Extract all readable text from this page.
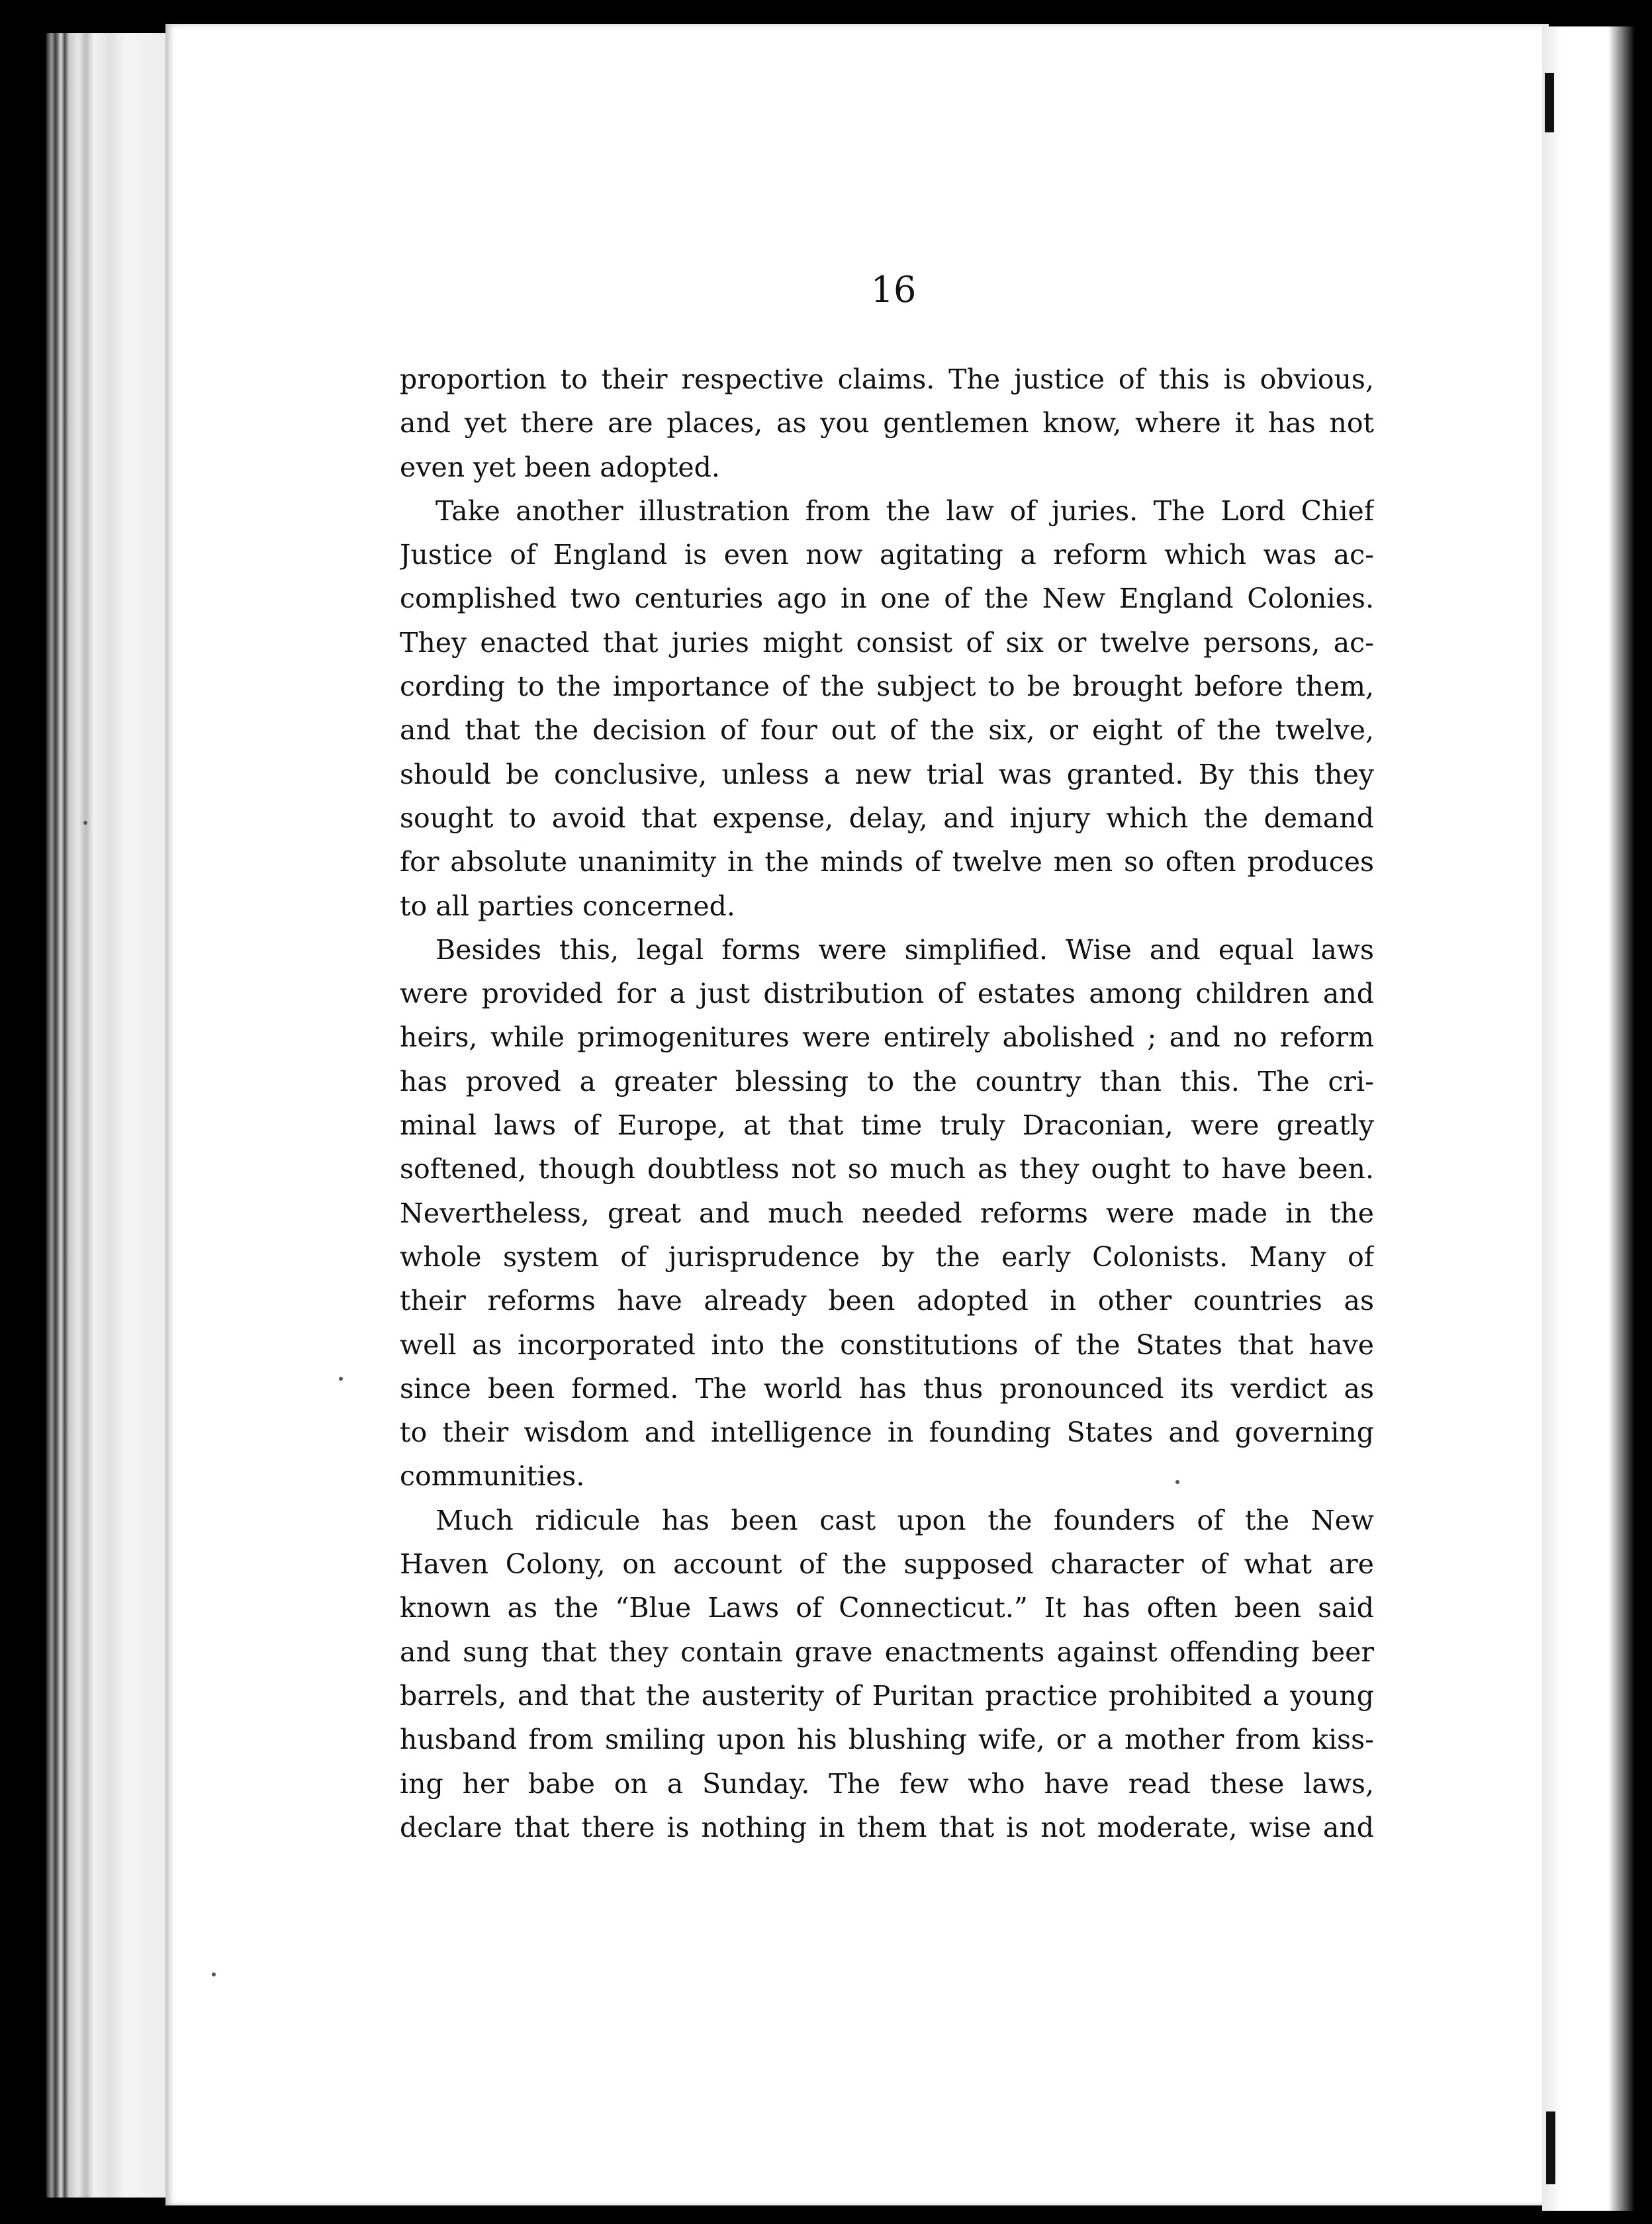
16
proportion to their respective claims. The justice of this is obvious,
and yet there are places, as you gentlemen know, where it has not
even yet been adopted.
Take another illustration from the law of juries. The Lord Chief
Justice of England is even now agitating a reform which was ac-
complished two centuries ago in one of the New England Colonies.
They enacted that juries might consist of six or twelve persons, ac-
cording to the importance of the subject to be brought before them,
and that the decision of four out of the six, or eight of the twelve,
should be conclusive, unless a new trial was granted. By this they
sought to avoid that expense, delay, and injury which the demand
for absolute unanimity in the minds of twelve men so often produces
to all parties concerned.
Besides this, legal forms were simplified. Wise and equal laws
were provided for a just distribution of estates among children and
heirs, while primogenitures were entirely abolished ; and no reform
has proved a greater blessing to the country than this. The cri-
minal laws of Europe, at that time truly Draconian, were greatly
softened, though doubtless not so much as they ought to have been.
Nevertheless, great and much needed reforms were made in the
whole system of jurisprudence by the early Colonists. Many of
their reforms have already been adopted in other countries as
well as incorporated into the constitutions of the States that have
since been formed. The world has thus pronounced its verdict as
to their wisdom and intelligence in founding States and governing
communities.
Much ridicule has been cast upon the founders of the New
Haven Colony, on account of the supposed character of what are
known as the “Blue Laws of Connecticut.” It has often been said
and sung that they contain grave enactments against offending beer
barrels, and that the austerity of Puritan practice prohibited a young
husband from smiling upon his blushing wife, or a mother from kiss-
ing her babe on a Sunday. The few who have read these laws,
declare that there is nothing in them that is not moderate, wise and
